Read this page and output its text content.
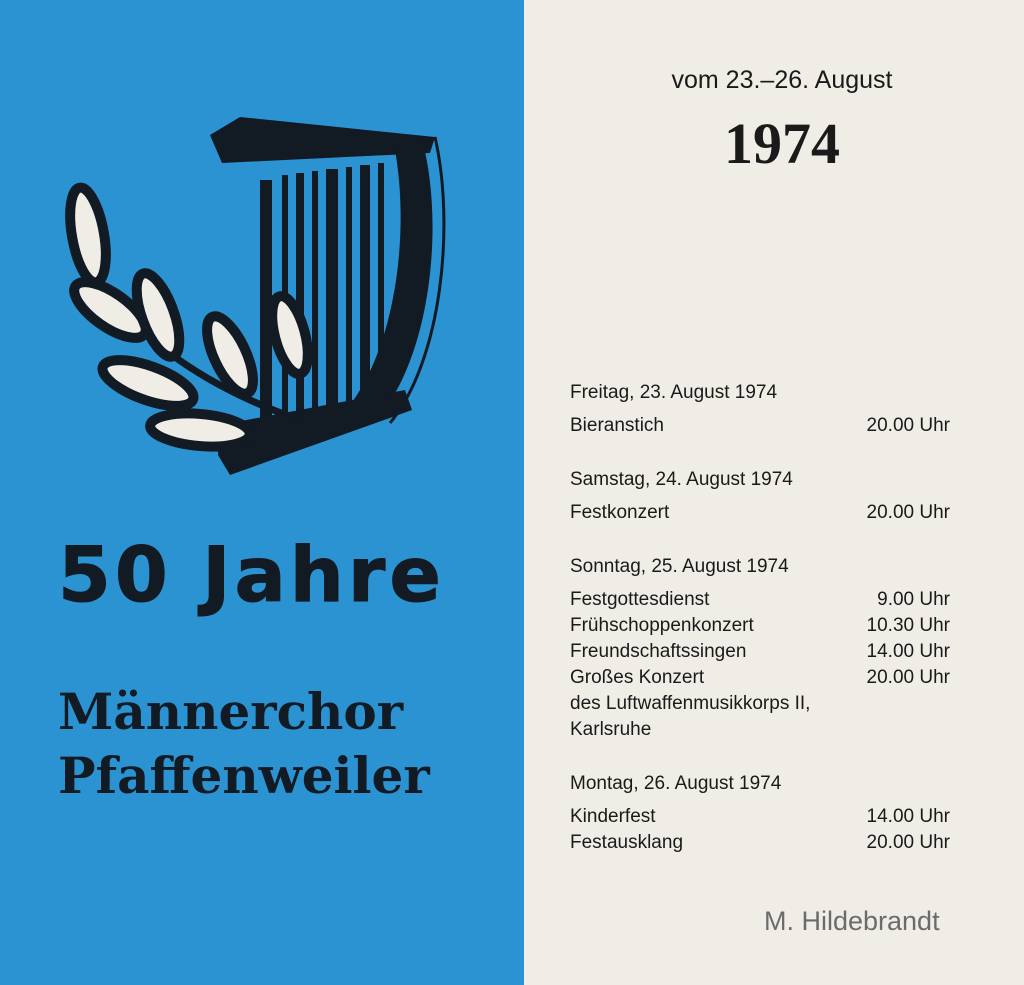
50 Jahre
Männerchor
Pfaffenweiler
vom 23.–26. August
1974
Freitag, 23. August 1974
Bieranstich	20.00 Uhr
Samstag, 24. August 1974
Festkonzert	20.00 Uhr
Sonntag, 25. August 1974
Festgottesdienst	9.00 Uhr
Frühschoppenkonzert	10.30 Uhr
Freundschaftssingen	14.00 Uhr
Großes Konzert	20.00 Uhr
des Luftwaffenmusikkorps II,
Karlsruhe
Montag, 26. August 1974
Kinderfest	14.00 Uhr
Festausklang	20.00 Uhr
M. Hildebrandt
